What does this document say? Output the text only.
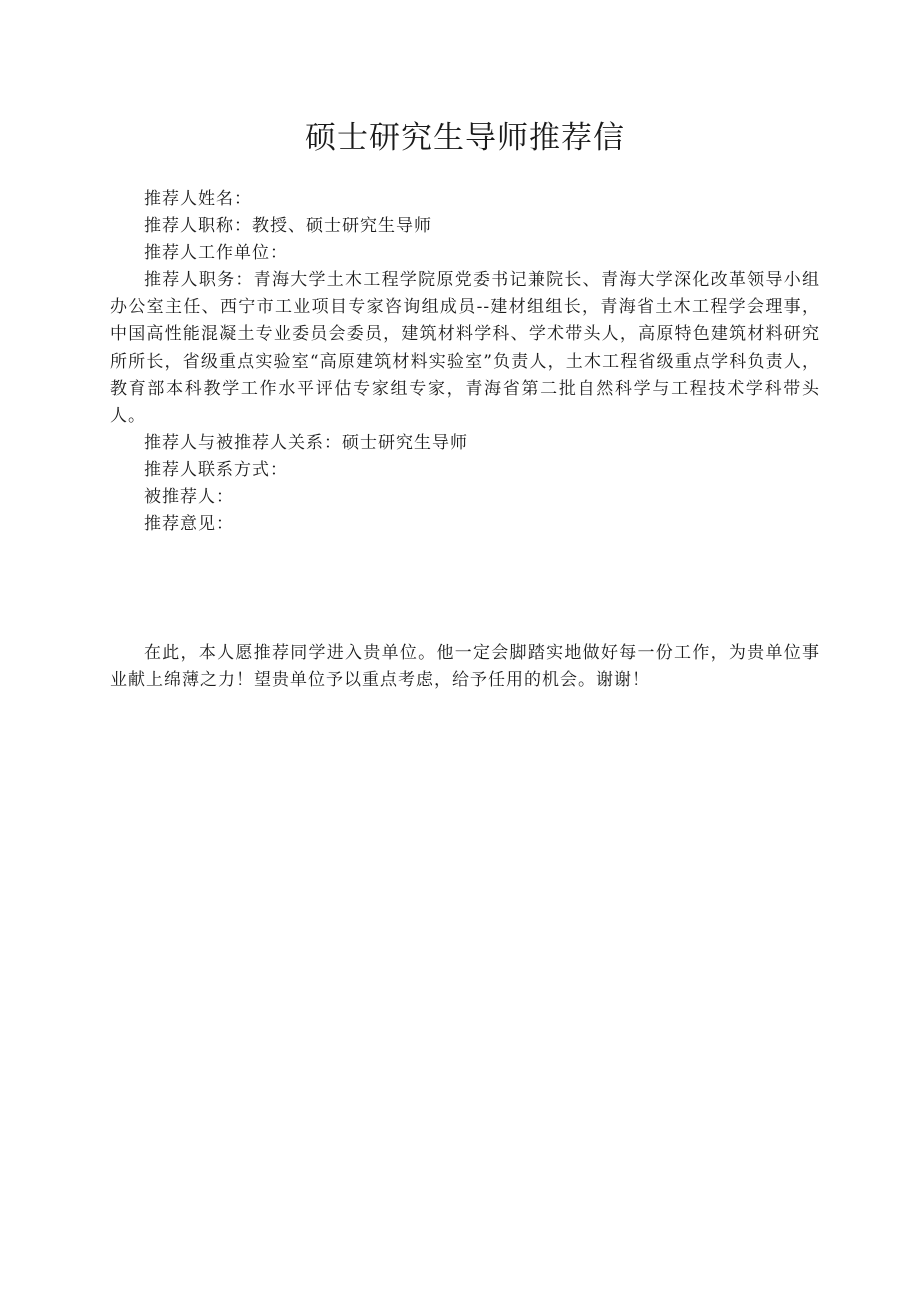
硕士研究生导师推荐信

推荐人姓名：

推荐人职称：教授、硕士研究生导师

推荐人工作单位：

推荐人职务：青海大学土木工程学院原党委书记兼院长、青海大学深化改革领导小组办公室主任、西宁市工业项目专家咨询组成员--建材组组长，青海省土木工程学会理事，中国高性能混凝土专业委员会委员，建筑材料学科、学术带头人，高原特色建筑材料研究所所长，省级重点实验室“高原建筑材料实验室”负责人，土木工程省级重点学科负责人，教育部本科教学工作水平评估专家组专家，青海省第二批自然科学与工程技术学科带头人。

推荐人与被推荐人关系：硕士研究生导师

推荐人联系方式：

被推荐人：

推荐意见：

在此，本人愿推荐同学进入贵单位。他一定会脚踏实地做好每一份工作，为贵单位事业献上绵薄之力！望贵单位予以重点考虑，给予任用的机会。谢谢！
